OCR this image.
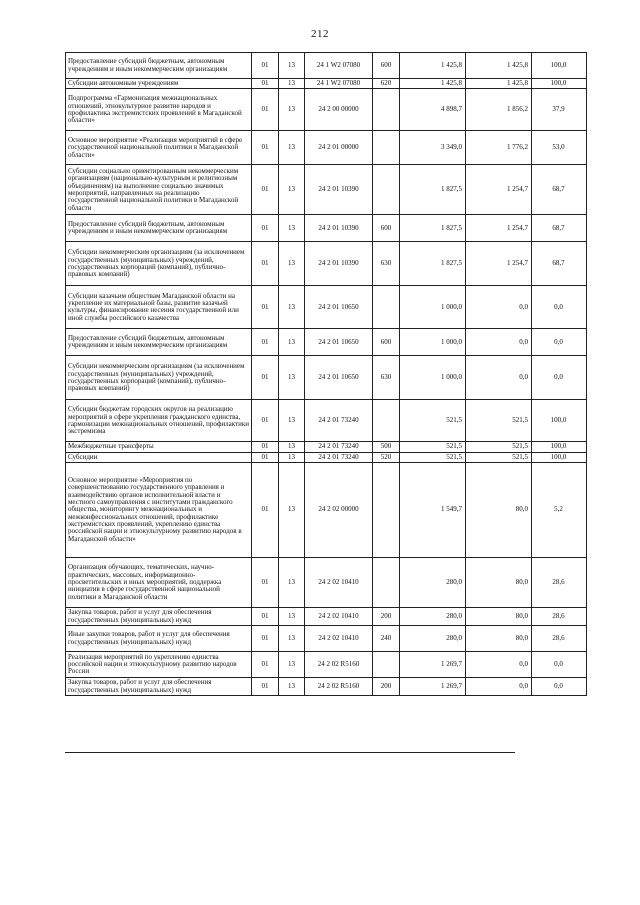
212
Предоставление субсидий бюджетным, автономным учреждениям и иным некоммерческим организациям	01	13	24 1 W2 07080	600	1 425,8	1 425,8	100,0
Субсидии автономным учреждениям	01	13	24 1 W2 07080	620	1 425,8	1 425,8	100,0
Подпрограмма «Гармонизация межнациональных отношений, этнокультурное развитие народов и профилактика экстремистских проявлений в Магаданской области»	01	13	24 2 00 00000		4 898,7	1 856,2	37,9
Основное мероприятие «Реализация мероприятий в сфере государственной национальной политики в Магаданской области»	01	13	24 2 01 00000		3 349,0	1 776,2	53,0
Субсидии социально ориентированным некоммерческим организациям (национально-культурным и религиозным объединениям) на выполнение социально значимых мероприятий, направленных на реализацию государственной национальной политики в Магаданской области	01	13	24 2 01 10390		1 827,5	1 254,7	68,7
Предоставление субсидий бюджетным, автономным учреждениям и иным некоммерческим организациям	01	13	24 2 01 10390	600	1 827,5	1 254,7	68,7
Субсидии некоммерческим организациям (за исключением государственных (муниципальных) учреждений, государственных корпораций (компаний), публично-правовых компаний)	01	13	24 2 01 10390	630	1 827,5	1 254,7	68,7
Субсидии казачьим обществам Магаданской области на укрепление их материальной базы, развитие казачьей культуры, финансирование несения государственной или иной службы российского казачества	01	13	24 2 01 10650		1 000,0	0,0	0,0
Предоставление субсидий бюджетным, автономным учреждениям и иным некоммерческим организациям	01	13	24 2 01 10650	600	1 000,0	0,0	0,0
Субсидии некоммерческим организациям (за исключением государственных (муниципальных) учреждений, государственных корпораций (компаний), публично-правовых компаний)	01	13	24 2 01 10650	630	1 000,0	0,0	0,0
Субсидии бюджетам городских округов на реализацию мероприятий в сфере укрепления гражданского единства, гармонизации межнациональных отношений, профилактики экстремизма	01	13	24 2 01 73240		521,5	521,5	100,0
Межбюджетные трансферты	01	13	24 2 01 73240	500	521,5	521,5	100,0
Субсидии	01	13	24 2 01 73240	520	521,5	521,5	100,0
Основное мероприятие «Мероприятия по совершенствованию государственного управления и взаимодействию органов исполнительной власти и местного самоуправления с институтами гражданского общества, мониторингу межнациональных и межконфессиональных отношений, профилактике экстремистских проявлений, укреплению единства российской нации и этнокультурному развитию народов в Магаданской области»	01	13	24 2 02 00000		1 549,7	80,0	5,2
Организация обучающих, тематических, научно-практических, массовых, информационно-просветительских и иных мероприятий, поддержка инициатив в сфере государственной национальной политики в Магаданской области	01	13	24 2 02 10410		280,0	80,0	28,6
Закупка товаров, работ и услуг для обеспечения государственных (муниципальных) нужд	01	13	24 2 02 10410	200	280,0	80,0	28,6
Иные закупки товаров, работ и услуг для обеспечения государственных (муниципальных) нужд	01	13	24 2 02 10410	240	280,0	80,0	28,6
Реализация мероприятий по укреплению единства российской нации и этнокультурному развитию народов России	01	13	24 2 02 R5160		1 269,7	0,0	0,0
Закупка товаров, работ и услуг для обеспечения государственных (муниципальных) нужд	01	13	24 2 02 R5160	200	1 269,7	0,0	0,0
